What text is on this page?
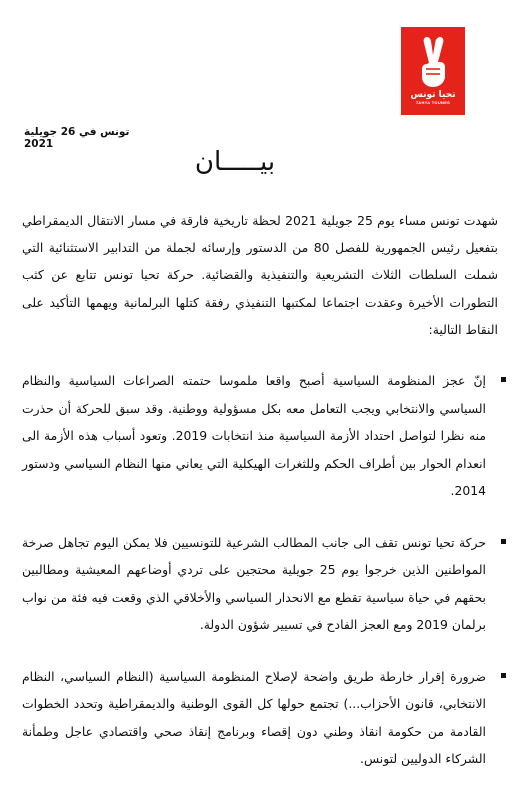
تحيا تونس
TAHYA TOUNES
تونس في 26 جويلية 2021
بيـــــان

شهدت تونس مساء يوم 25 جويلية 2021 لحظة تاريخية فارقة في مسار الانتقال الديمقراطي بتفعيل رئيس الجمهورية للفصل 80 من الدستور وإرسائه لجملة من التدابير الاستثنائية التي شملت السلطات الثلاث التشريعية والتنفيذية والقضائية. حركة تحيا تونس تتابع عن كثب التطورات الأخيرة وعقدت اجتماعا لمكتبها التنفيذي رفقة كتلها البرلمانية ويهمها التأكيد على النقاط التالية:

إنّ عجز المنظومة السياسية أصبح واقعا ملموسا حتمته الصراعات السياسية والنظام السياسي والانتخابي ويجب التعامل معه بكل مسؤولية ووطنية. وقد سبق للحركة أن حذرت منه نظرا لتواصل احتداد الأزمة السياسية منذ انتخابات 2019. وتعود أسباب هذه الأزمة الى انعدام الحوار بين أطراف الحكم وللثغرات الهيكلية التي يعاني منها النظام السياسي ودستور 2014.
حركة تحيا تونس تقف الى جانب المطالب الشرعية للتونسيين فلا يمكن اليوم تجاهل صرخة المواطنين الذين خرجوا يوم 25 جويلية محتجين على تردي أوضاعهم المعيشية ومطالبين بحقهم في حياة سياسية تقطع مع الانحدار السياسي والأخلاقي الذي وقعت فيه فئة من نواب برلمان 2019 ومع العجز الفادح في تسيير شؤون الدولة.
ضرورة إقرار خارطة طريق واضحة لإصلاح المنظومة السياسية (النظام السياسي، النظام الانتخابي، قانون الأحزاب...) تجتمع حولها كل القوى الوطنية والديمقراطية وتحدد الخطوات القادمة من حكومة انقاذ وطني دون إقصاء وبرنامج إنقاذ صحي واقتصادي عاجل وطمأنة الشركاء الدوليين لتونس.
